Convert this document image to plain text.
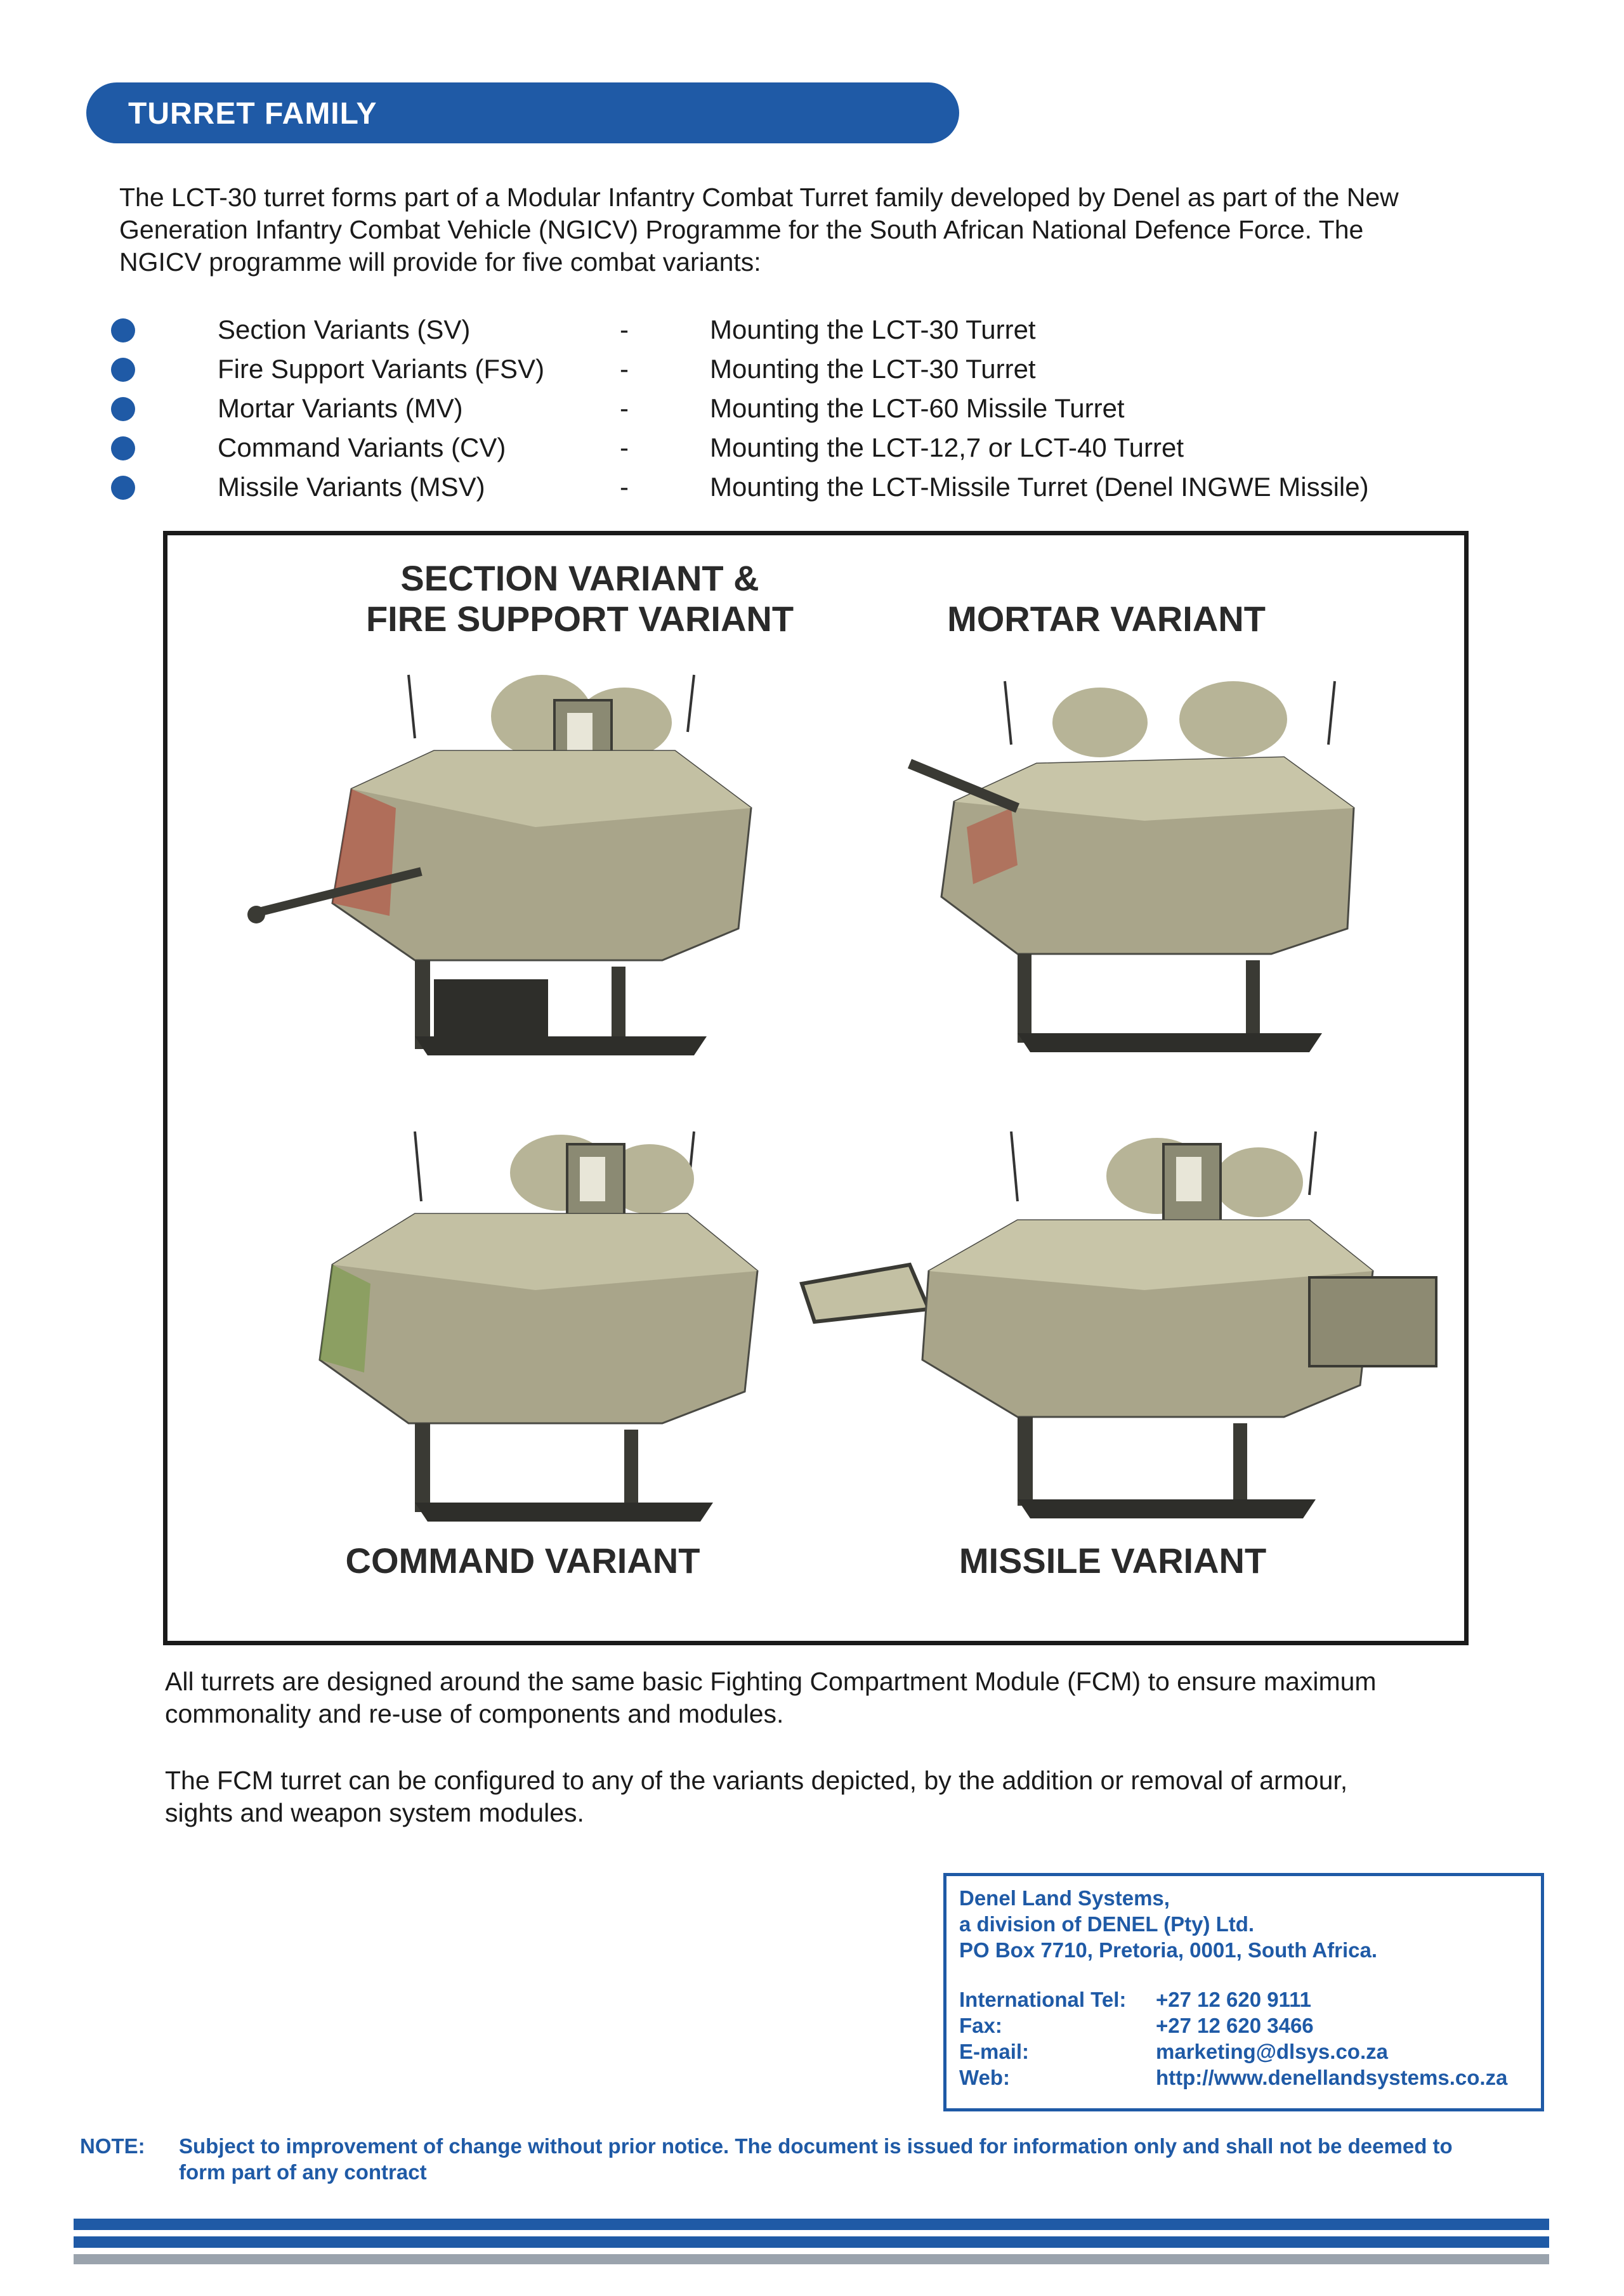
TURRET FAMILY

The LCT-30 turret forms part of a Modular Infantry Combat Turret family developed by Denel as part of the New
Generation Infantry Combat Vehicle (NGICV) Programme for the South African National Defence Force. The
NGICV programme will provide for five combat variants:

Section Variants (SV)	-	Mounting the LCT-30 Turret
Fire Support Variants (FSV)	-	Mounting the LCT-30 Turret
Mortar Variants (MV)	-	Mounting the LCT-60 Missile Turret
Command Variants (CV)	-	Mounting the LCT-12,7 or LCT-40 Turret
Missile Variants (MSV)	-	Mounting the LCT-Missile Turret (Denel INGWE Missile)
SECTION VARIANT &
FIRE SUPPORT VARIANT	MORTAR VARIANT
COMMAND VARIANT	MISSILE VARIANT

All turrets are designed around the same basic Fighting Compartment Module (FCM) to ensure maximum
commonality and re-use of components and modules.

The FCM turret can be configured to any of the variants depicted, by the addition or removal of armour,
sights and weapon system modules.

Denel Land Systems,
a division of DENEL (Pty) Ltd.
PO Box 7710, Pretoria, 0001, South Africa.
International Tel: +27 12 620 9111
Fax:	+27 12 620 3466
E-mail:	marketing@dlsys.co.za
Web:	http://www.denellandsystems.co.za
NOTE: Subject to improvement of change without prior notice. The document is issued for information only and shall not be deemed to
form part of any contract
